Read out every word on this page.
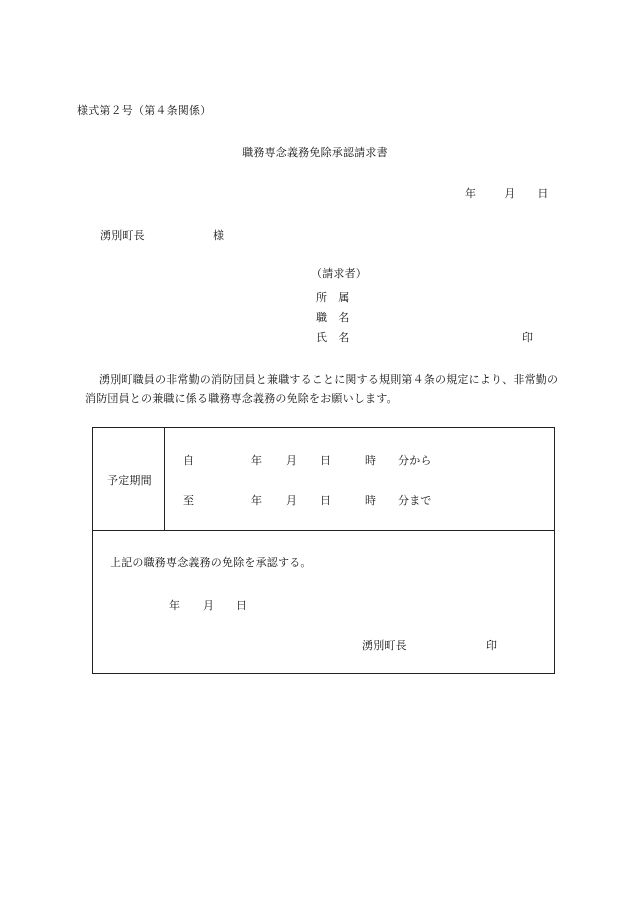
様式第２号（第４条関係）
職務専念義務免除承認請求書
年	月 日
湧別町長	様
（請求者）
所　属
職　名
氏　名	印
湧別町職員の非常勤の消防団員と兼職することに関する規則第４条の規定により、非常勤の消防団員との兼職に係る職務専念義務の免除をお願いします。
予定期間
自	年 月 日	時 分から
至	年 月 日	時 分まで
上記の職務専念義務の免除を承認する。
年 月 日
湧別町長	印
